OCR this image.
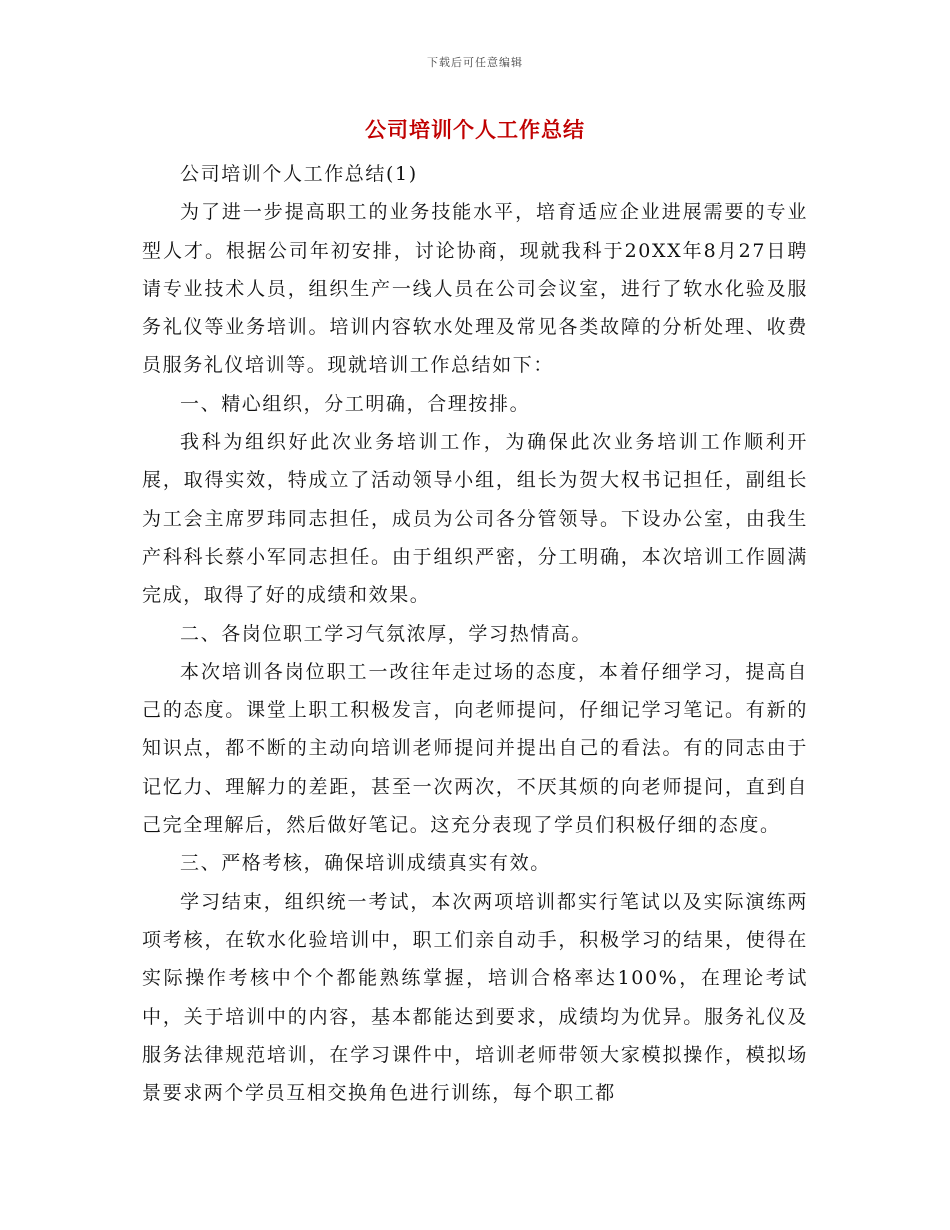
下载后可任意编辑
公司培训个人工作总结

公司培训个人工作总结(1)

为了进一步提高职工的业务技能水平，培育适应企业进展需要的专业型人才。根据公司年初安排，讨论协商，现就我科于20XX年8月27日聘请专业技术人员，组织生产一线人员在公司会议室，进行了软水化验及服务礼仪等业务培训。培训内容软水处理及常见各类故障的分析处理、收费员服务礼仪培训等。现就培训工作总结如下：

一、精心组织，分工明确，合理按排。

我科为组织好此次业务培训工作，为确保此次业务培训工作顺利开展，取得实效，特成立了活动领导小组，组长为贺大权书记担任，副组长为工会主席罗玮同志担任，成员为公司各分管领导。下设办公室，由我生产科科长蔡小军同志担任。由于组织严密，分工明确，本次培训工作圆满完成，取得了好的成绩和效果。

二、各岗位职工学习气氛浓厚，学习热情高。

本次培训各岗位职工一改往年走过场的态度，本着仔细学习，提高自己的态度。课堂上职工积极发言，向老师提问，仔细记学习笔记。有新的知识点，都不断的主动向培训老师提问并提出自己的看法。有的同志由于记忆力、理解力的差距，甚至一次两次，不厌其烦的向老师提问，直到自己完全理解后，然后做好笔记。这充分表现了学员们积极仔细的态度。

三、严格考核，确保培训成绩真实有效。

学习结束，组织统一考试，本次两项培训都实行笔试以及实际演练两项考核，在软水化验培训中，职工们亲自动手，积极学习的结果，使得在实际操作考核中个个都能熟练掌握，培训合格率达100%，在理论考试中，关于培训中的内容，基本都能达到要求，成绩均为优异。服务礼仪及服务法律规范培训，在学习课件中，培训老师带领大家模拟操作，模拟场景要求两个学员互相交换角色进行训练，每个职工都
